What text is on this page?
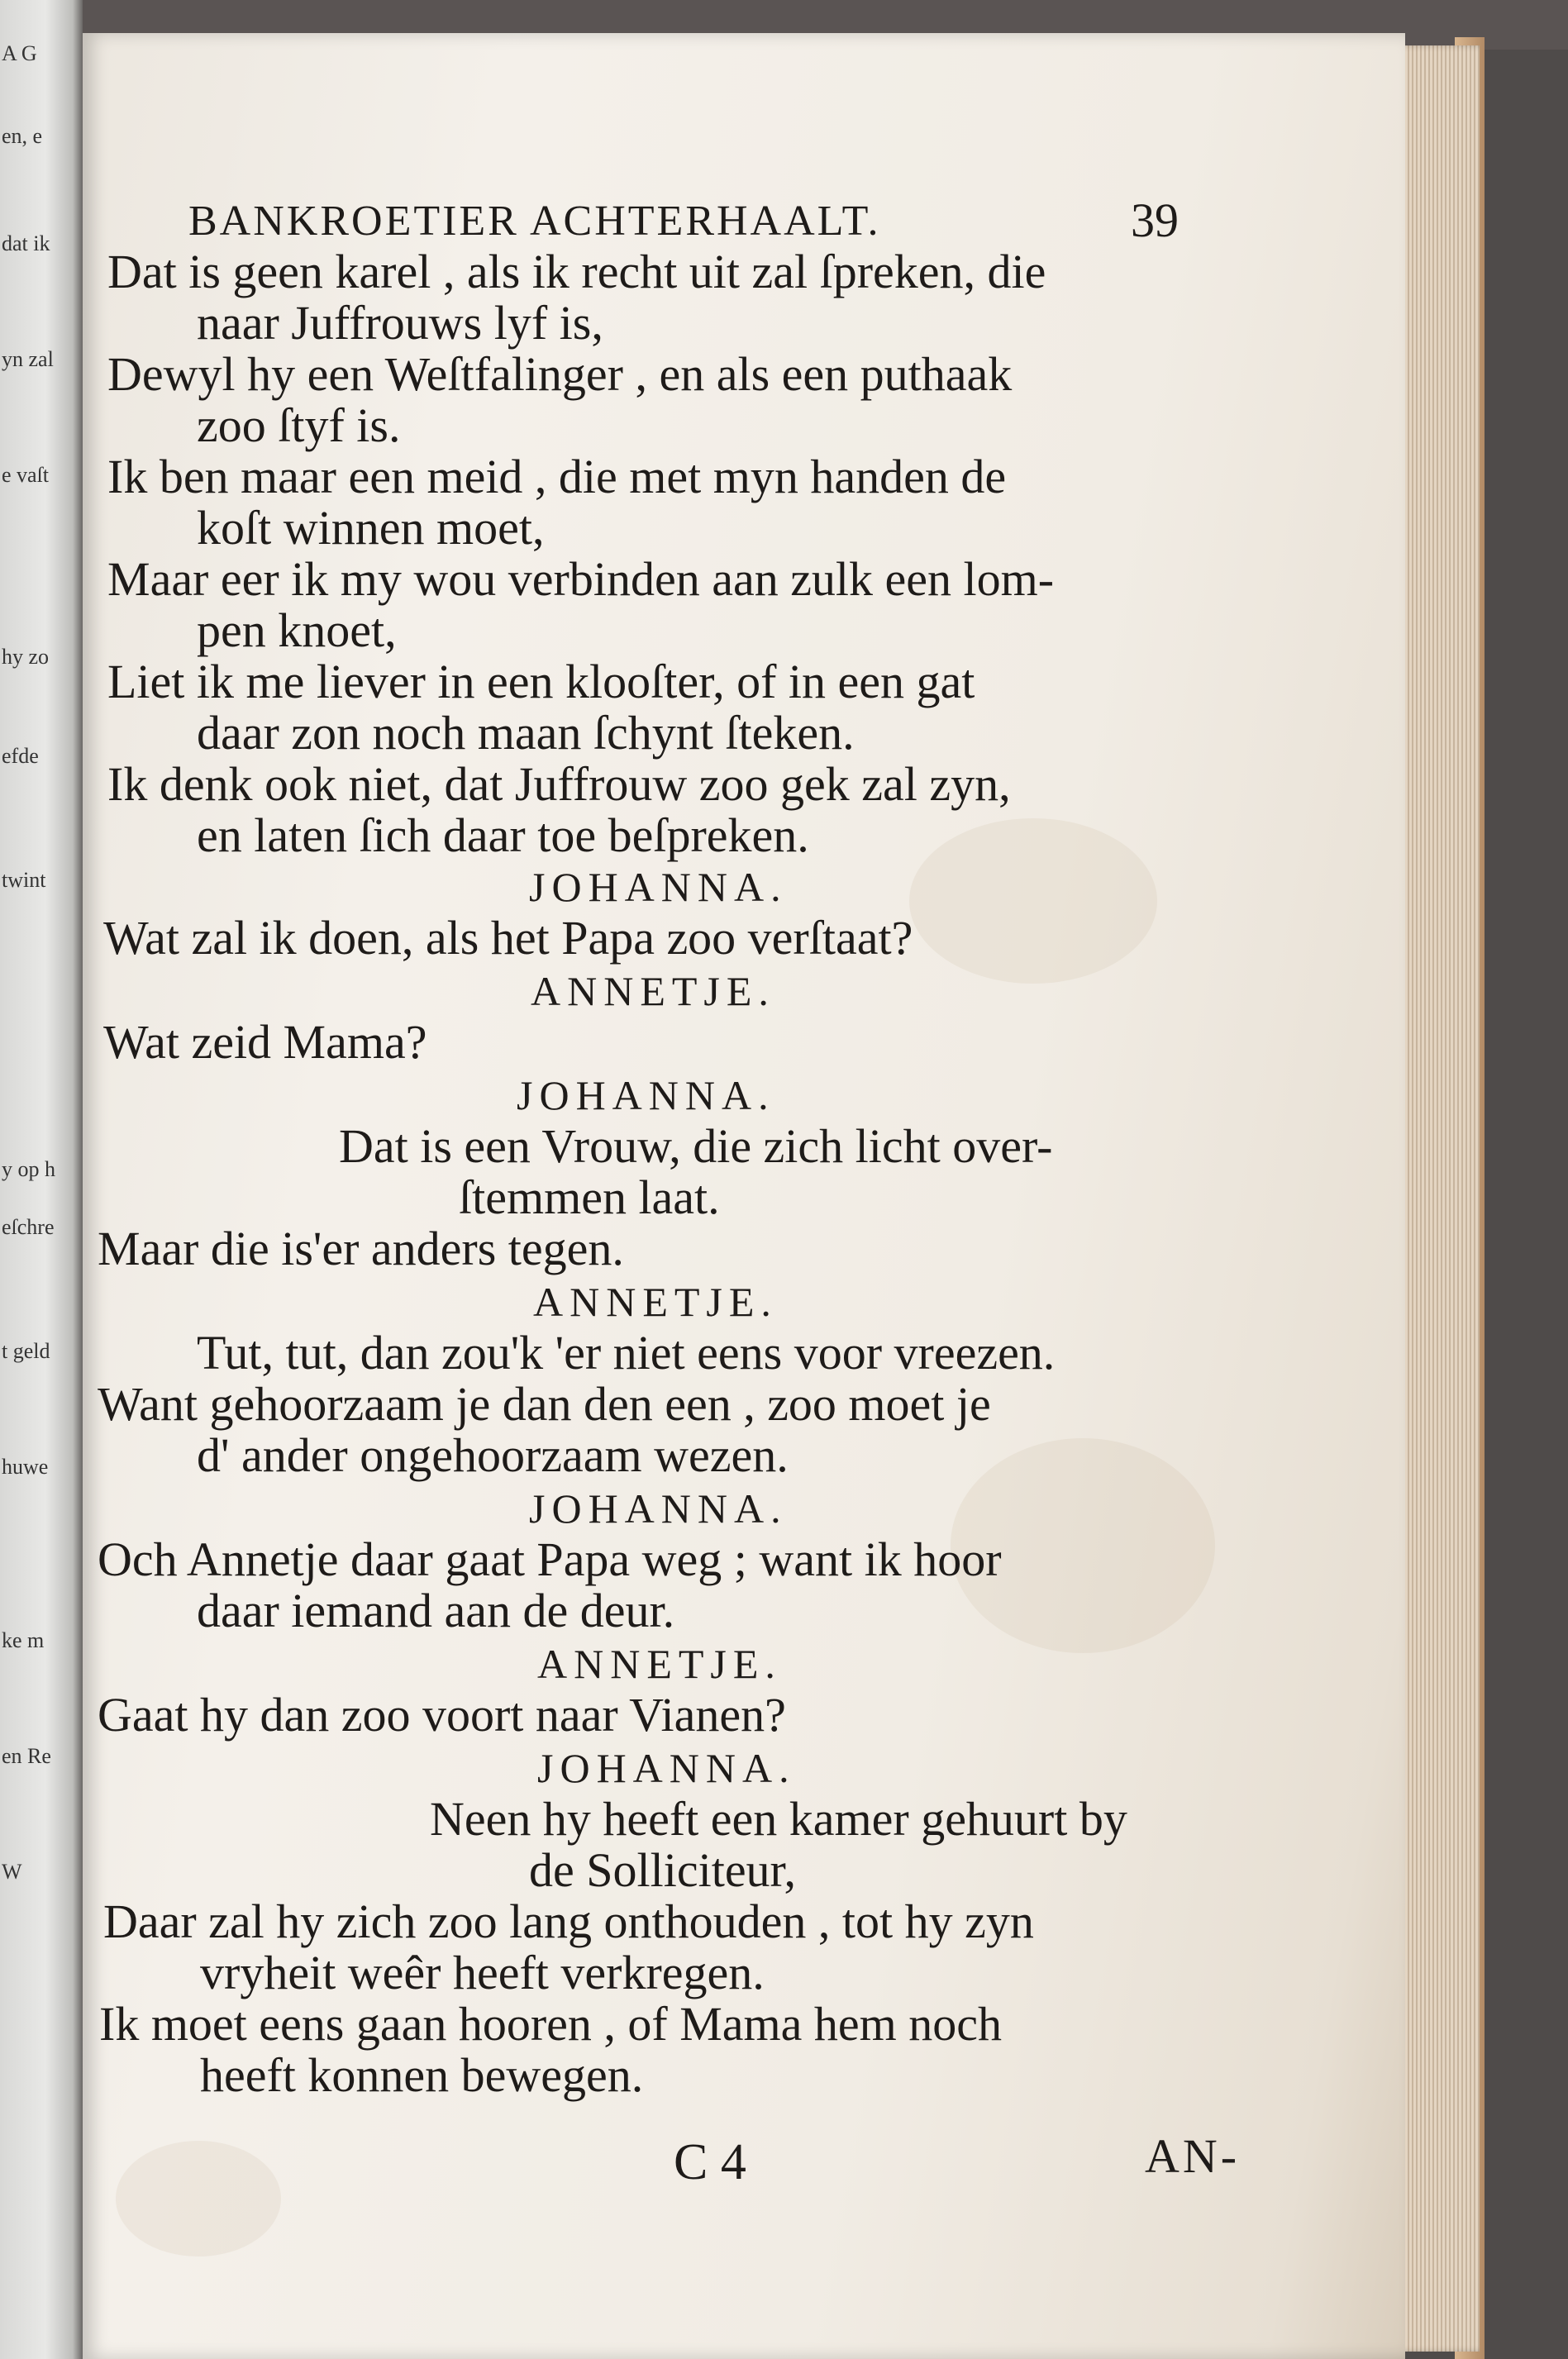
A G
en, e
dat ik
yn zal
e vaſt
hy zo
efde
twint
y op h
eſchre
t geld
huwe
ke m
en Re
W
BANKROETIER ACHTERHAALT.	39
Dat is geen karel , als ik recht uit zal ſpreken, die
naar Juffrouws lyf is,
Dewyl hy een Weſtfalinger , en als een puthaak
zoo ſtyf is.
Ik ben maar een meid , die met myn handen de
koſt winnen moet,
Maar eer ik my wou verbinden aan zulk een lom-
pen knoet,
Liet ik me liever in een klooſter, of in een gat
daar zon noch maan ſchynt ſteken.
Ik denk ook niet, dat Juffrouw zoo gek zal zyn,
en laten ſich daar toe beſpreken.
JOHANNA.
Wat zal ik doen, als het Papa zoo verſtaat?
ANNETJE.
Wat zeid Mama?
JOHANNA.
Dat is een Vrouw, die zich licht over-
ſtemmen laat.
Maar die is'er anders tegen.
ANNETJE.
Tut, tut, dan zou'k 'er niet eens voor vreezen.
Want gehoorzaam je dan den een , zoo moet je
d' ander ongehoorzaam wezen.
JOHANNA.
Och Annetje daar gaat Papa weg ; want ik hoor
daar iemand aan de deur.
ANNETJE.
Gaat hy dan zoo voort naar Vianen?
JOHANNA.
Neen hy heeft een kamer gehuurt by
de Solliciteur,
Daar zal hy zich zoo lang onthouden , tot hy zyn
vryheit weêr heeft verkregen.
Ik moet eens gaan hooren , of Mama hem noch
heeft konnen bewegen.
C 4	AN-
